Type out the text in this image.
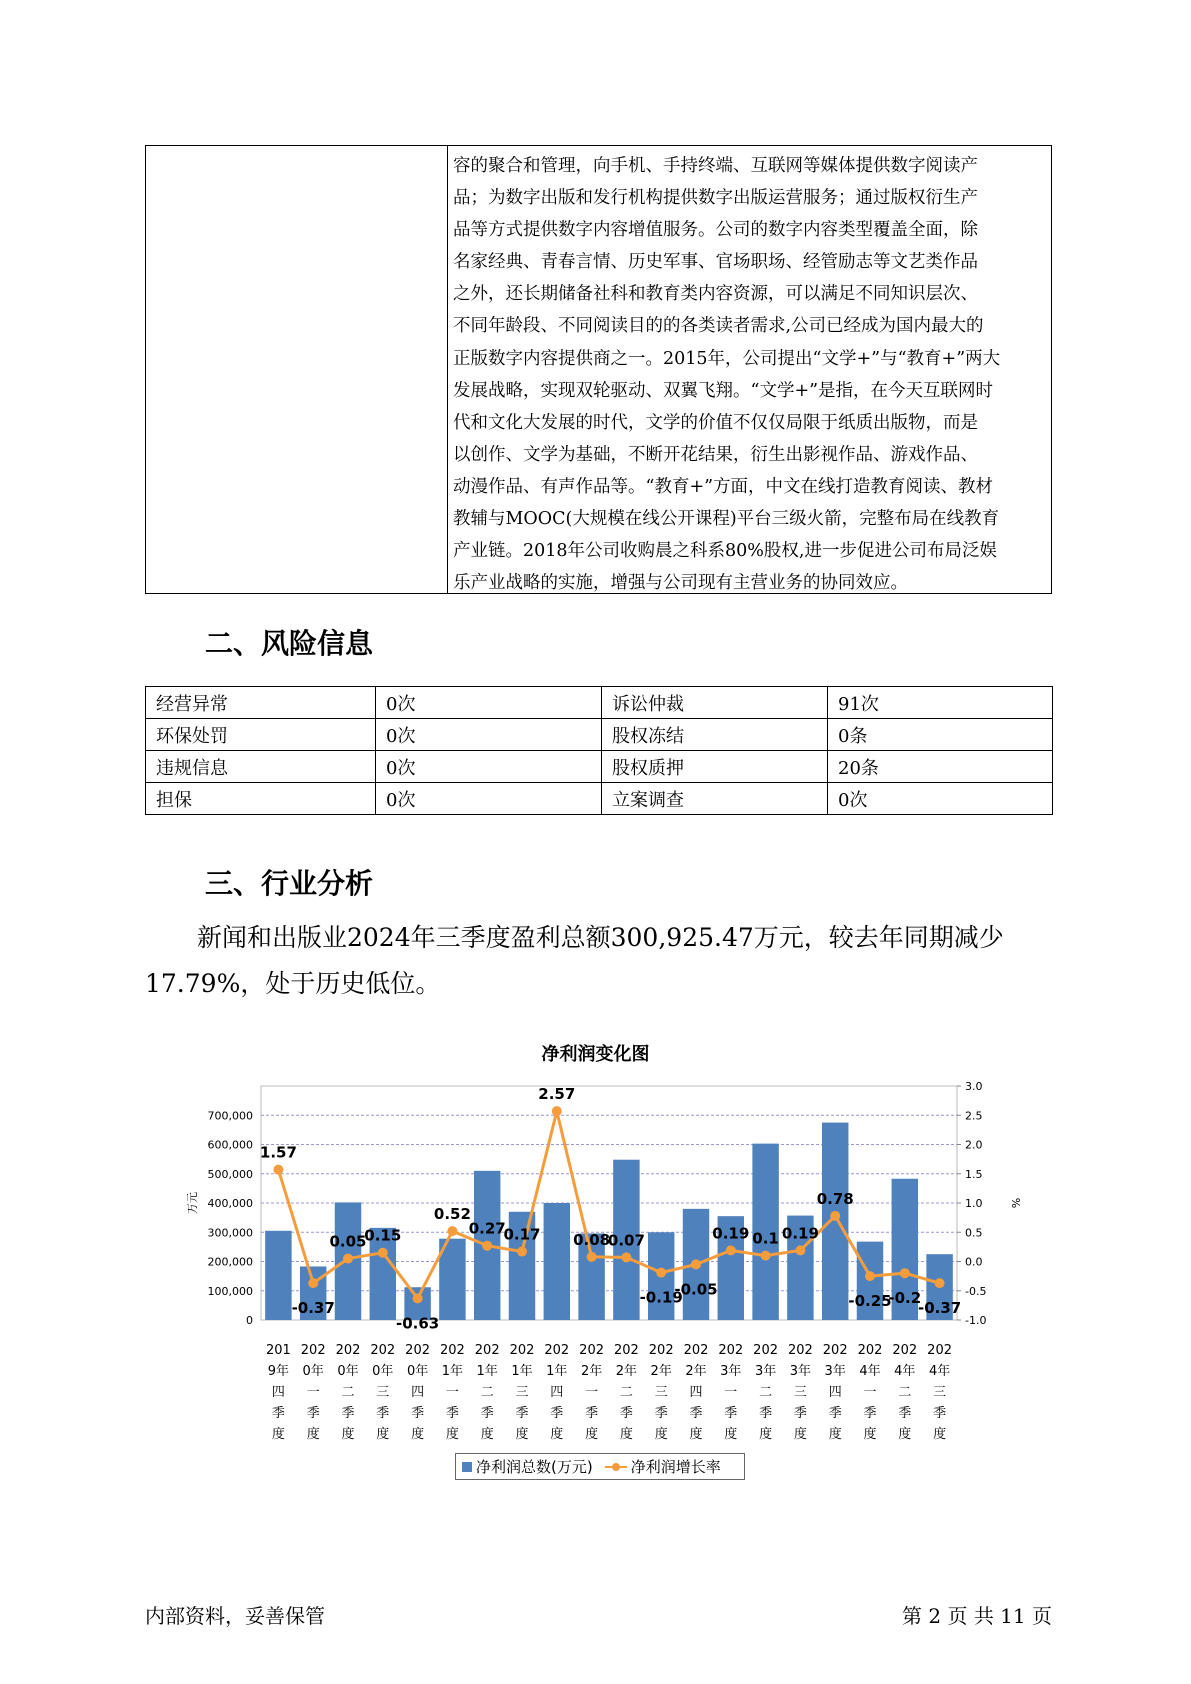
容的聚合和管理，向手机、手持终端、互联网等媒体提供数字阅读产
品；为数字出版和发行机构提供数字出版运营服务；通过版权衍生产
品等方式提供数字内容增值服务。公司的数字内容类型覆盖全面，除
名家经典、青春言情、历史军事、官场职场、经管励志等文艺类作品
之外，还长期储备社科和教育类内容资源，可以满足不同知识层次、
不同年龄段、不同阅读目的的各类读者需求,公司已经成为国内最大的
正版数字内容提供商之一。2015年，公司提出“文学+”与“教育+”两大
发展战略，实现双轮驱动、双翼飞翔。“文学+”是指，在今天互联网时
代和文化大发展的时代，文学的价值不仅仅局限于纸质出版物，而是
以创作、文学为基础，不断开花结果，衍生出影视作品、游戏作品、
动漫作品、有声作品等。“教育+”方面，中文在线打造教育阅读、教材
教辅与MOOC(大规模在线公开课程)平台三级火箭，完整布局在线教育
产业链。2018年公司收购晨之科系80%股权,进一步促进公司布局泛娱
乐产业战略的实施，增强与公司现有主营业务的协同效应。
二、风险信息
经营异常	0次	诉讼仲裁	91次
环保处罚	0次	股权冻结	0条
违规信息	0次	股权质押	20条
担保	0次	立案调查	0次
三、行业分析
新闻和出版业2024年三季度盈利总额300,925.47万元，较去年同期减少17.79%，处于历史低位。
净利润变化图
0
100,000
200,000
300,000
400,000
500,000
600,000
700,000
-1.0
-0.5
0.0
0.5
1.0
1.5
2.0
2.5
3.0
万元	%
201
9年
四
季
度
202
0年
一
季
度
202
0年
二
季
度
202
0年
三
季
度
202
0年
四
季
度
202
1年
一
季
度
202
1年
二
季
度
202
1年
三
季
度
202
1年
四
季
度
202
2年
一
季
度
202
2年
二
季
度
202
2年
三
季
度
202
2年
四
季
度
202
3年
一
季
度
202
3年
二
季
度
202
3年
三
季
度
202
3年
四
季
度
202
4年
一
季
度
202
4年
二
季
度
202
4年
三
季
度
1.57
-0.37
0.05
0.15
-0.63
0.52
0.27
0.17
2.57
0.08
0.07
-0.19
-0.05
0.19 0.1 0.19
0.78
-0.25
-0.2
-0.37
净利润总数(万元)	净利润增长率
内部资料，妥善保管	第 2 页 共 11 页
